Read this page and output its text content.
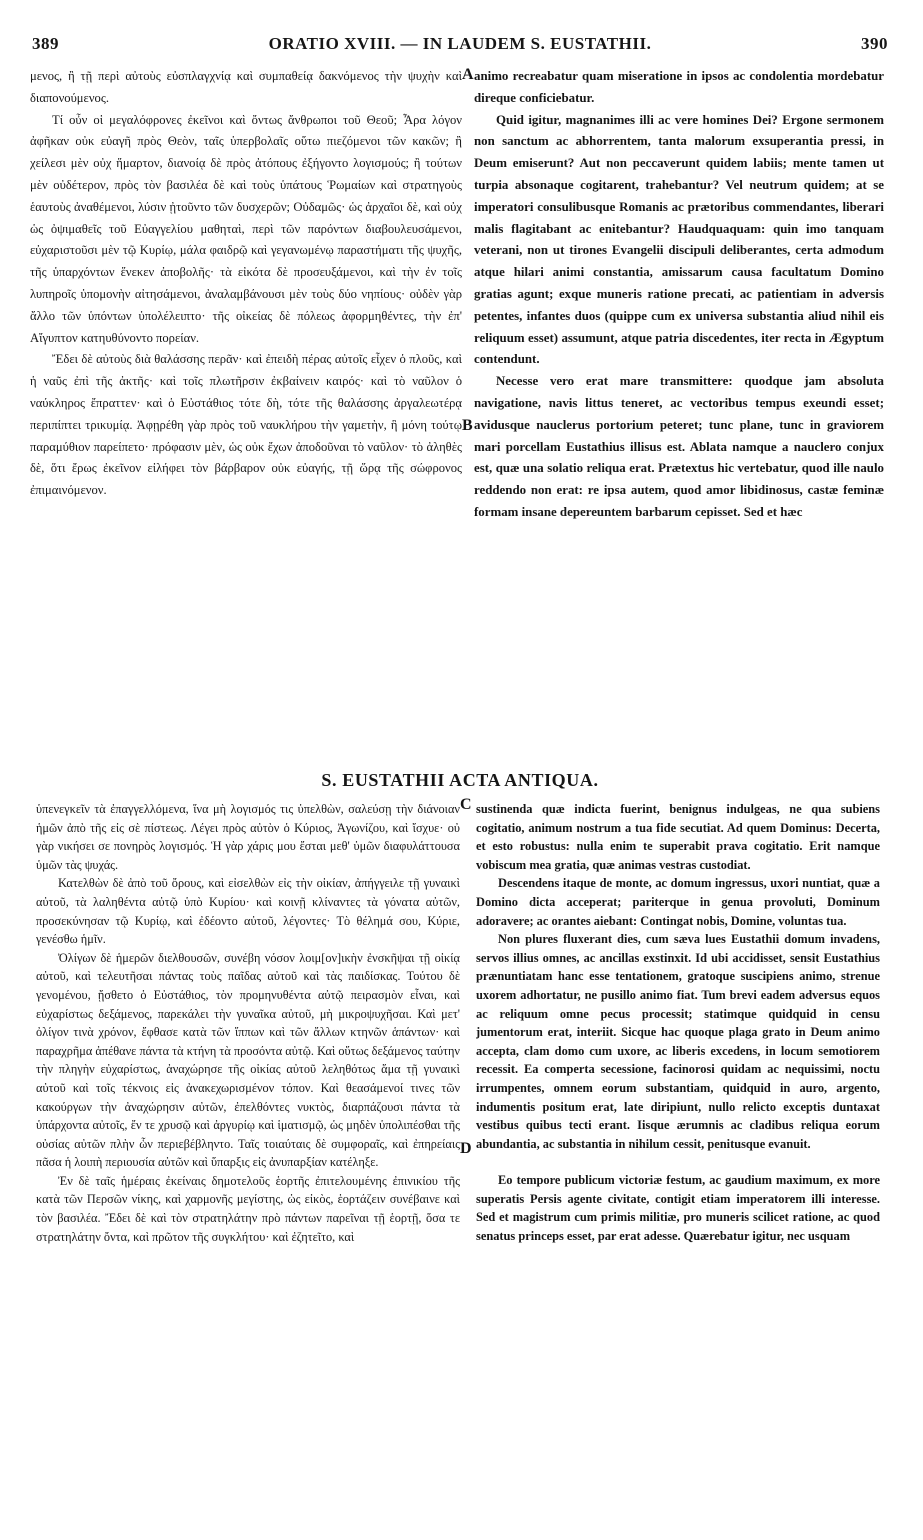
389	ORATIO XVIII. — IN LAUDEM S. EUSTATHII.	390

μενος, ἢ τῇ περὶ αὐτοὺς εὐσπλαγχνίᾳ καὶ συμπαθείᾳ δακνόμενος τὴν ψυχὴν καὶ διαπονούμενος.

Τί οὖν οἱ μεγαλόφρονες ἐκεῖνοι καὶ ὄντως ἄνθρωποι τοῦ Θεοῦ; Ἆρα λόγον ἀφῆκαν οὐκ εὐαγῆ πρὸς Θεὸν, ταῖς ὑπερβολαῖς οὕτω πιεζόμενοι τῶν κακῶν; ἢ χείλεσι μὲν οὐχ ἥμαρτον, διανοίᾳ δὲ πρὸς ἀτόπους ἐξήγοντο λογισμούς; ἢ τούτων μὲν οὐδέτερον, πρὸς τὸν βασιλέα δὲ καὶ τοὺς ὑπάτους Ῥωμαίων καὶ στρατηγοὺς ἑαυτοὺς ἀναθέμενοι, λύσιν ᾐτοῦντο τῶν δυσχερῶν; Οὐδαμῶς· ὡς ἀρχαῖοι δὲ, καὶ οὐχ ὡς ὀψιμαθεῖς τοῦ Εὐαγγελίου μαθηταὶ, περὶ τῶν παρόντων διαβουλευσάμενοι, εὐχαριστοῦσι μὲν τῷ Κυρίῳ, μάλα φαιδρῷ καὶ γεγανωμένῳ παραστήματι τῆς ψυχῆς, τῆς ὑπαρχόντων ἕνεκεν ἀποβολῆς· τὰ εἰκότα δὲ προσευξάμενοι, καὶ τὴν ἐν τοῖς λυπηροῖς ὑπομονὴν αἰτησάμενοι, ἀναλαμβάνουσι μὲν τοὺς δύο νηπίους· οὐδὲν γὰρ ἄλλο τῶν ὑπόντων ὑπολέλειπτο· τῆς οἰκείας δὲ πόλεως ἀφορμηθέντες, τὴν ἐπ' Αἴγυπτον κατηυθύνοντο πορείαν.

Ἔδει δὲ αὐτοὺς διὰ θαλάσσης περᾶν· καὶ ἐπειδὴ πέρας αὐτοῖς εἶχεν ὁ πλοῦς, καὶ ἡ ναῦς ἐπὶ τῆς ἀκτῆς· καὶ τοῖς πλωτῆρσιν ἐκβαίνειν καιρός· καὶ τὸ ναῦλον ὁ ναύκληρος ἔπραττεν· καὶ ὁ Εὐστάθιος τότε δὴ, τότε τῆς θαλάσσης ἀργαλεωτέρᾳ περιπίπτει τρικυμίᾳ. Ἀφῃρέθη γὰρ πρὸς τοῦ ναυκλήρου τὴν γαμετὴν, ἣ μόνη τούτῳ παραμύθιον παρείπετο· πρόφασιν μὲν, ὡς οὐκ ἔχων ἀποδοῦναι τὸ ναῦλον· τὸ ἀληθὲς δὲ, ὅτι ἔρως ἐκεῖνον εἰλήφει τὸν βάρβαρον οὐκ εὐαγής, τῇ ὥρᾳ τῆς σώφρονος ἐπιμαινόμενον.

A
B

animo recreabatur quam miseratione in ipsos ac condolentia mordebatur direque conficiebatur.

Quid igitur, magnanimes illi ac vere homines Dei? Ergone sermonem non sanctum ac abhorrentem, tanta malorum exsuperantia pressi, in Deum emiserunt? Aut non peccaverunt quidem labiis; mente tamen ut turpia absonaque cogitarent, trahebantur? Vel neutrum quidem; at se imperatori consulibusque Romanis ac prætoribus commendantes, liberari malis flagitabant ac enitebantur? Haudquaquam: quin imo tanquam veterani, non ut tirones Evangelii discipuli deliberantes, certa admodum atque hilari animi constantia, amissarum causa facultatum Domino gratias agunt; exque muneris ratione precati, ac patientiam in adversis petentes, infantes duos (quippe cum ex universa substantia aliud nihil eis reliquum esset) assumunt, atque patria discedentes, iter recta in Ægyptum contendunt.

Necesse vero erat mare transmittere: quodque jam absoluta navigatione, navis littus teneret, ac vectoribus tempus exeundi esset; avidusque nauclerus portorium peteret; tunc plane, tunc in graviorem mari porcellam Eustathius illisus est. Ablata namque a nauclero conjux est, quæ una solatio reliqua erat. Prætextus hic vertebatur, quod ille naulo reddendo non erat: re ipsa autem, quod amor libidinosus, castæ feminæ formam insane depereuntem barbarum cepisset. Sed et hæc

S. EUSTATHII ACTA ANTIQUA.

ὑπενεγκεῖν τὰ ἐπαγγελλόμενα, ἵνα μὴ λογισμός τις ὑπελθὼν, σαλεύσῃ τὴν διάνοιαν ἡμῶν ἀπὸ τῆς εἰς σὲ πίστεως. Λέγει πρὸς αὐτὸν ὁ Κύριος, Ἀγωνίζου, καὶ ἴσχυε· οὐ γὰρ νικήσει σε πονηρὸς λογισμός. Ἡ γὰρ χάρις μου ἔσται μεθ' ὑμῶν διαφυλάττουσα ὑμῶν τὰς ψυχάς.

Κατελθὼν δὲ ἀπὸ τοῦ ὄρους, καὶ εἰσελθὼν εἰς τὴν οἰκίαν, ἀπήγγειλε τῇ γυναικὶ αὐτοῦ, τὰ λαληθέντα αὐτῷ ὑπὸ Κυρίου· καὶ κοινῇ κλίναντες τὰ γόνατα αὐτῶν, προσεκύνησαν τῷ Κυρίῳ, καὶ ἐδέοντο αὐτοῦ, λέγοντες· Τὸ θέλημά σου, Κύριε, γενέσθω ἡμῖν.

Ὀλίγων δὲ ἡμερῶν διελθουσῶν, συνέβη νόσον λοιμ[ον]ικὴν ἐνσκῆψαι τῇ οἰκίᾳ αὐτοῦ, καὶ τελευτῆσαι πάντας τοὺς παῖδας αὐτοῦ καὶ τὰς παιδίσκας. Τούτου δὲ γενομένου, ᾔσθετο ὁ Εὐστάθιος, τὸν προμηνυθέντα αὐτῷ πειρασμὸν εἶναι, καὶ εὐχαρίστως δεξάμενος, παρεκάλει τὴν γυναῖκα αὐτοῦ, μὴ μικροψυχῆσαι. Καὶ μετ' ὀλίγον τινὰ χρόνον, ἔφθασε κατὰ τῶν ἵππων καὶ τῶν ἄλλων κτηνῶν ἁπάντων· καὶ παραχρῆμα ἀπέθανε πάντα τὰ κτήνη τὰ προσόντα αὐτῷ. Καὶ οὕτως δεξάμενος ταύτην τὴν πληγὴν εὐχαρίστως, ἀναχώρησε τῆς οἰκίας αὐτοῦ λεληθότως ἅμα τῇ γυναικὶ αὐτοῦ καὶ τοῖς τέκνοις εἰς ἀνακεχωρισμένον τόπον. Καὶ θεασάμενοί τινες τῶν κακούργων τὴν ἀναχώρησιν αὐτῶν, ἐπελθόντες νυκτὸς, διαρπάζουσι πάντα τὰ ὑπάρχοντα αὐτοῖς, ἔν τε χρυσῷ καὶ ἀργυρίῳ καὶ ἱματισμῷ, ὡς μηδὲν ὑπολιπέσθαι τῆς οὐσίας αὐτῶν πλὴν ὧν περιεβέβληντο. Ταῖς τοιαύταις δὲ συμφοραῖς, καὶ ἐπηρείαις πᾶσα ἡ λοιπὴ περιουσία αὐτῶν καὶ ὕπαρξις εἰς ἀνυπαρξίαν κατέληξε.

Ἐν δὲ ταῖς ἡμέραις ἐκείναις δημοτελοῦς ἑορτῆς ἐπιτελουμένης ἐπινικίου τῆς κατὰ τῶν Περσῶν νίκης, καὶ χαρμονῆς μεγίστης, ὡς εἰκὸς, ἑορτάζειν συνέβαινε καὶ τὸν βασιλέα. Ἔδει δὲ καὶ τὸν στρατηλάτην πρὸ πάντων παρεῖναι τῇ ἑορτῇ, ὅσα τε στρατηλάτην ὄντα, καὶ πρῶτον τῆς συγκλήτου· καὶ ἐζητεῖτο, καὶ

C
D

sustinenda quæ indicta fuerint, benignus indulgeas, ne qua subiens cogitatio, animum nostrum a tua fide secutiat. Ad quem Dominus: Decerta, et esto robustus: nulla enim te superabit prava cogitatio. Erit namque vobiscum mea gratia, quæ animas vestras custodiat.

Descendens itaque de monte, ac domum ingressus, uxori nuntiat, quæ a Domino dicta acceperat; pariterque in genua provoluti, Dominum adoravere; ac orantes aiebant: Contingat nobis, Domine, voluntas tua.

Non plures fluxerant dies, cum sæva lues Eustathii domum invadens, servos illius omnes, ac ancillas exstinxit. Id ubi accidisset, sensit Eustathius prænuntiatam hanc esse tentationem, gratoque suscipiens animo, strenue uxorem adhortatur, ne pusillo animo fiat. Tum brevi eadem adversus equos ac reliquum omne pecus processit; statimque quidquid in censu jumentorum erat, interiit. Sicque hac quoque plaga grato in Deum animo accepta, clam domo cum uxore, ac liberis excedens, in locum semotiorem recessit. Ea comperta secessione, facinorosi quidam ac nequissimi, noctu irrumpentes, omnem eorum substantiam, quidquid in auro, argento, indumentis positum erat, late diripiunt, nullo relicto exceptis duntaxat vestibus quibus tecti erant. Iisque ærumnis ac cladibus reliqua eorum abundantia, ac substantia in nihilum cessit, penitusque evanuit.

Eo tempore publicum victoriæ festum, ac gaudium maximum, ex more superatis Persis agente civitate, contigit etiam imperatorem illi interesse. Sed et magistrum cum primis militiæ, pro muneris scilicet ratione, ac quod senatus princeps esset, par erat adesse. Quærebatur igitur, nec usquam
